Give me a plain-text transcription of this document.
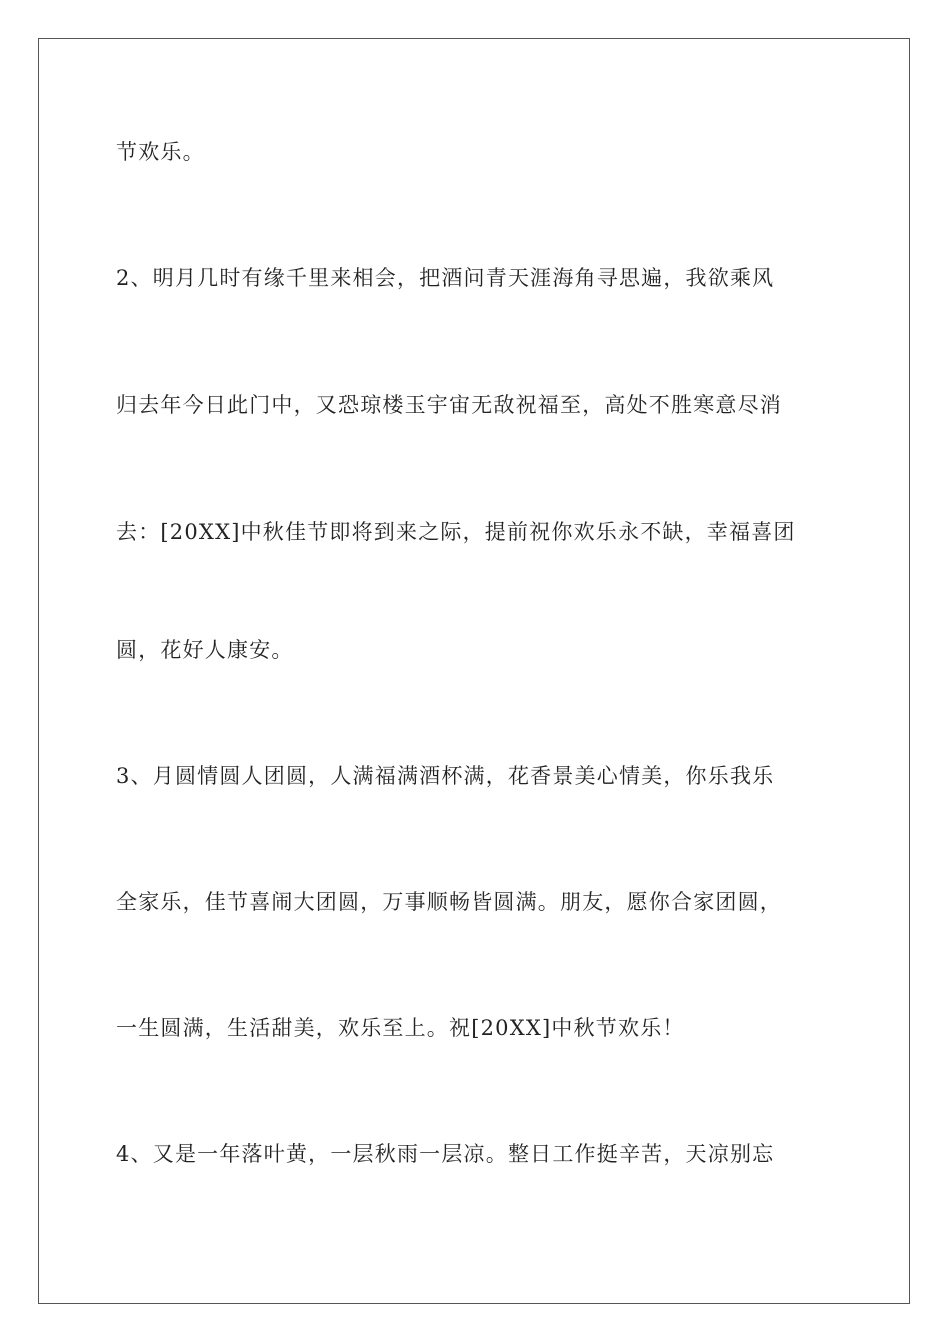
节欢乐。
2、明月几时有缘千里来相会，把酒问青天涯海角寻思遍，我欲乘风
归去年今日此门中，又恐琼楼玉宇宙无敌祝福至，高处不胜寒意尽消
去：[20XX]中秋佳节即将到来之际，提前祝你欢乐永不缺，幸福喜团
圆，花好人康安。
3、月圆情圆人团圆，人满福满酒杯满，花香景美心情美，你乐我乐
全家乐，佳节喜闹大团圆，万事顺畅皆圆满。朋友，愿你合家团圆，
一生圆满，生活甜美，欢乐至上。祝[20XX]中秋节欢乐！
4、又是一年落叶黄，一层秋雨一层凉。整日工作挺辛苦，天凉别忘
